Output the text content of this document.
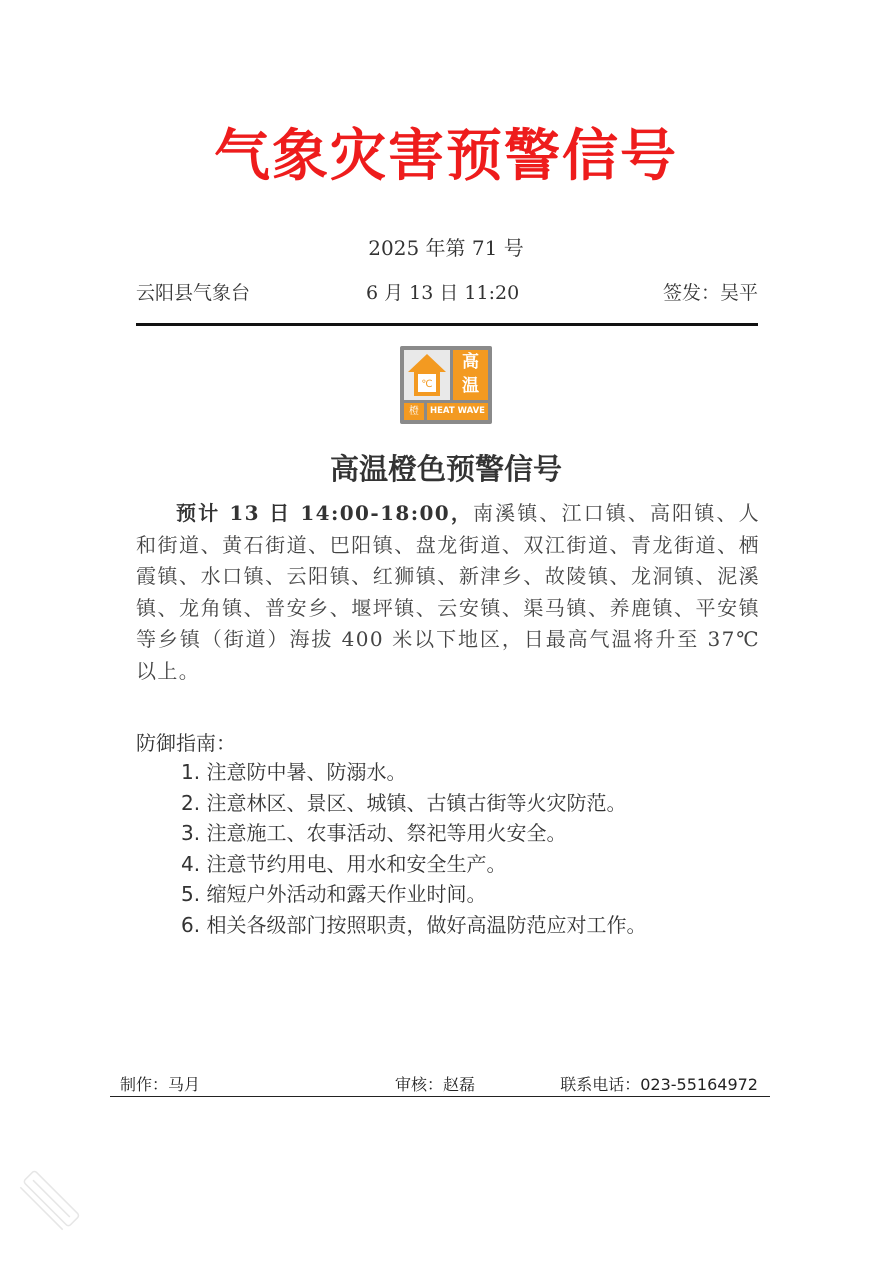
气象灾害预警信号
2025 年第 71 号
云阳县气象台	6 月 13 日 11:20	签发：吴平
℃
高
温
橙	HEAT WAVE
高温橙色预警信号
预计 13 日 14:00-18:00，南溪镇、江口镇、高阳镇、人和街道、黄石街道、巴阳镇、盘龙街道、双江街道、青龙街道、栖霞镇、水口镇、云阳镇、红狮镇、新津乡、故陵镇、龙洞镇、泥溪镇、龙角镇、普安乡、堰坪镇、云安镇、渠马镇、养鹿镇、平安镇等乡镇（街道）海拔 400 米以下地区，日最高气温将升至 37℃以上。
防御指南：
1. 注意防中暑、防溺水。
2. 注意林区、景区、城镇、古镇古街等火灾防范。
3. 注意施工、农事活动、祭祀等用火安全。
4. 注意节约用电、用水和安全生产。
5. 缩短户外活动和露天作业时间。
6. 相关各级部门按照职责，做好高温防范应对工作。
制作：马月	审核：赵磊	联系电话：023-55164972
